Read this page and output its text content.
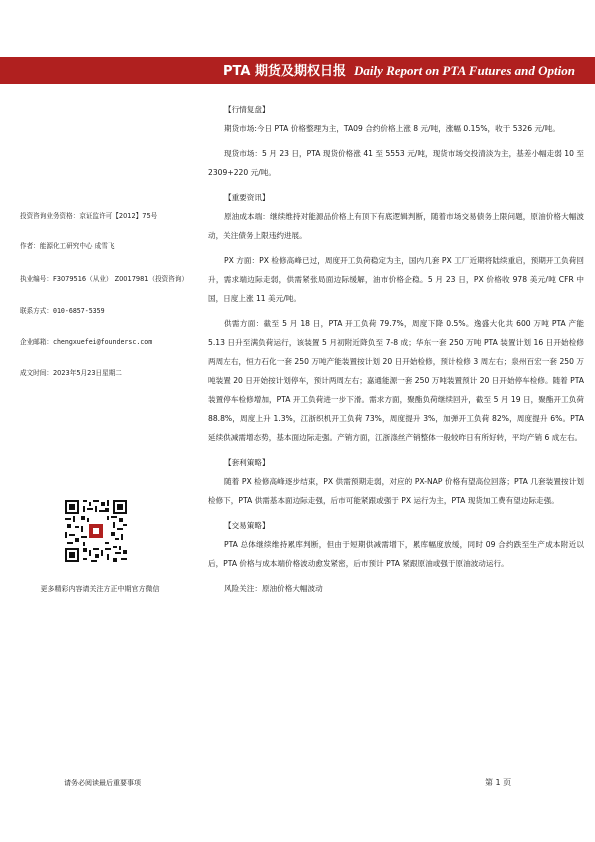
PTA 期货及期权日报 Daily Report on PTA Futures and Option
投资咨询业务资格：京证监许可【2012】75号
作者：能源化工研究中心 成雪飞
执业编号：F3079516（从业） Z0017981（投资咨询）
联系方式：010-6857-5359
企业邮箱：chengxuefei@foundersc.com
成文时间：2023年5月23日星期二
更多精彩内容请关注方正中期官方微信
【行情复盘】
期货市场:今日 PTA 价格整理为主，TA09 合约价格上涨 8 元/吨，涨幅 0.15%，收于 5326 元/吨。
现货市场：5 月 23 日，PTA 现货价格涨 41 至 5553 元/吨，现货市场交投清淡为主，基差小幅走弱 10 至 2309+220 元/吨。
【重要资讯】
原油成本端：继续维持对能源品价格上有顶下有底逻辑判断，随着市场交易债务上限问题，原油价格大幅波动，关注债务上限违约进展。
PX 方面：PX 检修高峰已过，周度开工负荷稳定为主，国内几套 PX 工厂近期将陆续重启，预期开工负荷回升，需求端边际走弱，供需紧张局面边际缓解，油市价格企稳。5 月 23 日，PX 价格收 978 美元/吨 CFR 中国，日度上涨 11 美元/吨。
供需方面：截至 5 月 18 日，PTA 开工负荷 79.7%，周度下降 0.5%。逸盛大化共 600 万吨 PTA 产能 5.13 日升至满负荷运行，该装置 5 月初附近降负至 7-8 成；华东一套 250 万吨 PTA 装置计划 16 日开始检修两周左右，恒力石化一套 250 万吨产能装置按计划 20 日开始检修，预计检修 3 周左右；泉州百宏一套 250 万吨装置 20 日开始按计划停车，预计两周左右；嘉通能源一套 250 万吨装置预计 20 日开始停车检修。随着 PTA 装置停车检修增加，PTA 开工负荷进一步下滑。需求方面，聚酯负荷继续回升，截至 5 月 19 日，聚酯开工负荷 88.8%，周度上升 1.3%，江浙织机开工负荷 73%，周度提升 3%，加弹开工负荷 82%，周度提升 6%。PTA 延续供减需增态势，基本面边际走强。产销方面，江浙涤丝产销整体一般较昨日有所好转，平均产销 6 成左右。
【套利策略】
随着 PX 检修高峰逐步结束，PX 供需预期走弱，对应的 PX-NAP 价格有望高位回落；PTA 几套装置按计划检修下，PTA 供需基本面边际走强，后市可能紧跟或强于 PX 运行为主，PTA 现货加工费有望边际走强。
【交易策略】
PTA 总体继续维持累库判断，但由于短期供减需增下，累库幅度放缓，同时 09 合约跌至生产成本附近以后，PTA 价格与成本端价格波动愈发紧密，后市预计 PTA 紧跟原油或强于原油波动运行。
风险关注：原油价格大幅波动
请务必阅读最后重要事项	第 1 页
